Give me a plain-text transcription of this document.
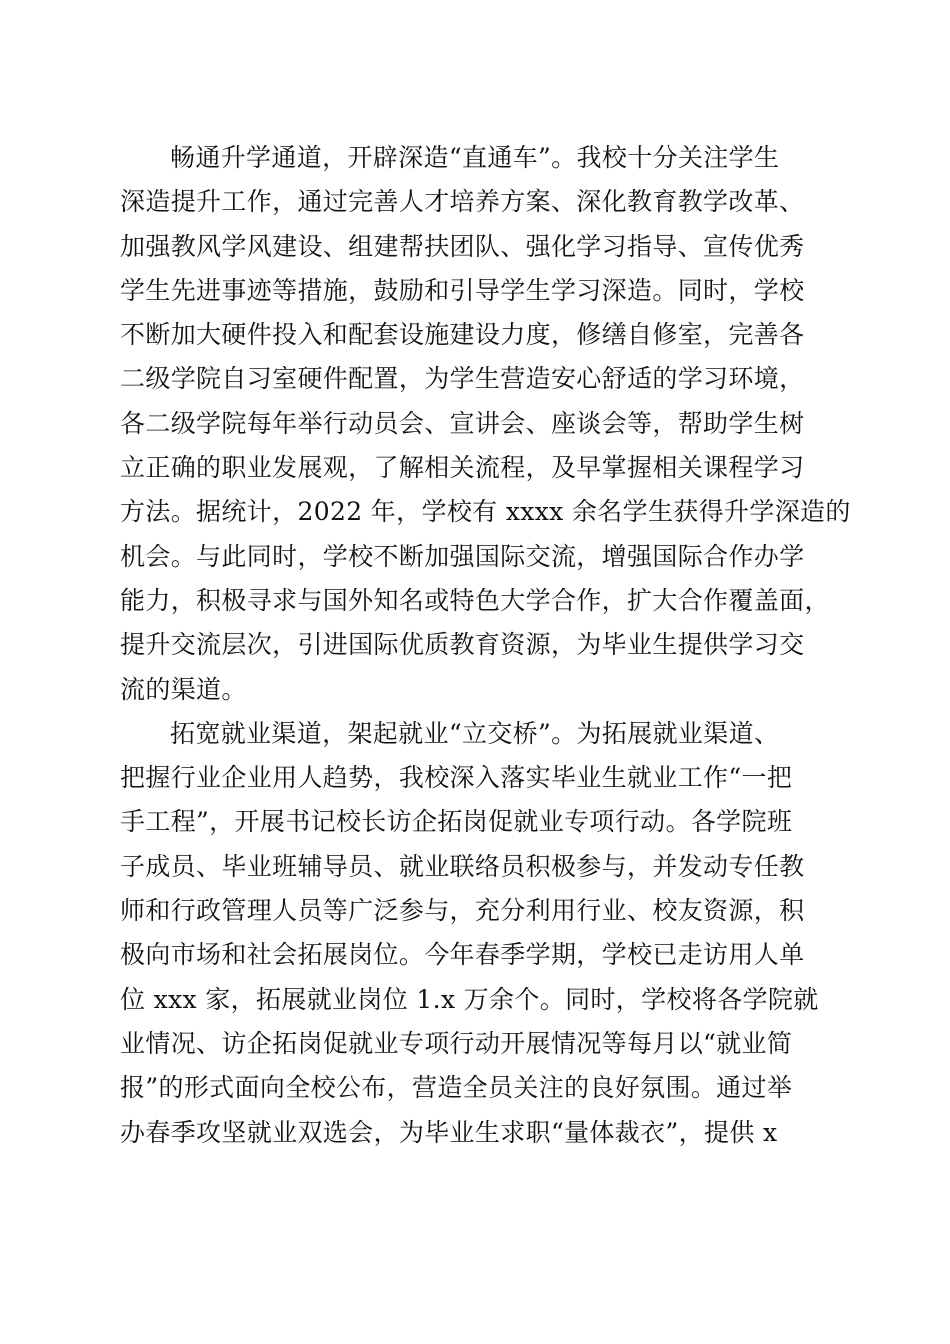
畅通升学通道，开辟深造“直通车”。我校十分关注学生
深造提升工作，通过完善人才培养方案、深化教育教学改革、
加强教风学风建设、组建帮扶团队、强化学习指导、宣传优秀
学生先进事迹等措施，鼓励和引导学生学习深造。同时，学校
不断加大硬件投入和配套设施建设力度，修缮自修室，完善各
二级学院自习室硬件配置，为学生营造安心舒适的学习环境，
各二级学院每年举行动员会、宣讲会、座谈会等，帮助学生树
立正确的职业发展观，了解相关流程，及早掌握相关课程学习
方法。据统计，2022 年，学校有 xxxx 余名学生获得升学深造的
机会。与此同时，学校不断加强国际交流，增强国际合作办学
能力，积极寻求与国外知名或特色大学合作，扩大合作覆盖面，
提升交流层次，引进国际优质教育资源，为毕业生提供学习交
流的渠道。
拓宽就业渠道，架起就业“立交桥”。为拓展就业渠道、
把握行业企业用人趋势，我校深入落实毕业生就业工作“一把
手工程”，开展书记校长访企拓岗促就业专项行动。各学院班
子成员、毕业班辅导员、就业联络员积极参与，并发动专任教
师和行政管理人员等广泛参与，充分利用行业、校友资源，积
极向市场和社会拓展岗位。今年春季学期，学校已走访用人单
位 xxx 家，拓展就业岗位 1.x 万余个。同时，学校将各学院就
业情况、访企拓岗促就业专项行动开展情况等每月以“就业简
报”的形式面向全校公布，营造全员关注的良好氛围。通过举
办春季攻坚就业双选会，为毕业生求职“量体裁衣”，提供 x
